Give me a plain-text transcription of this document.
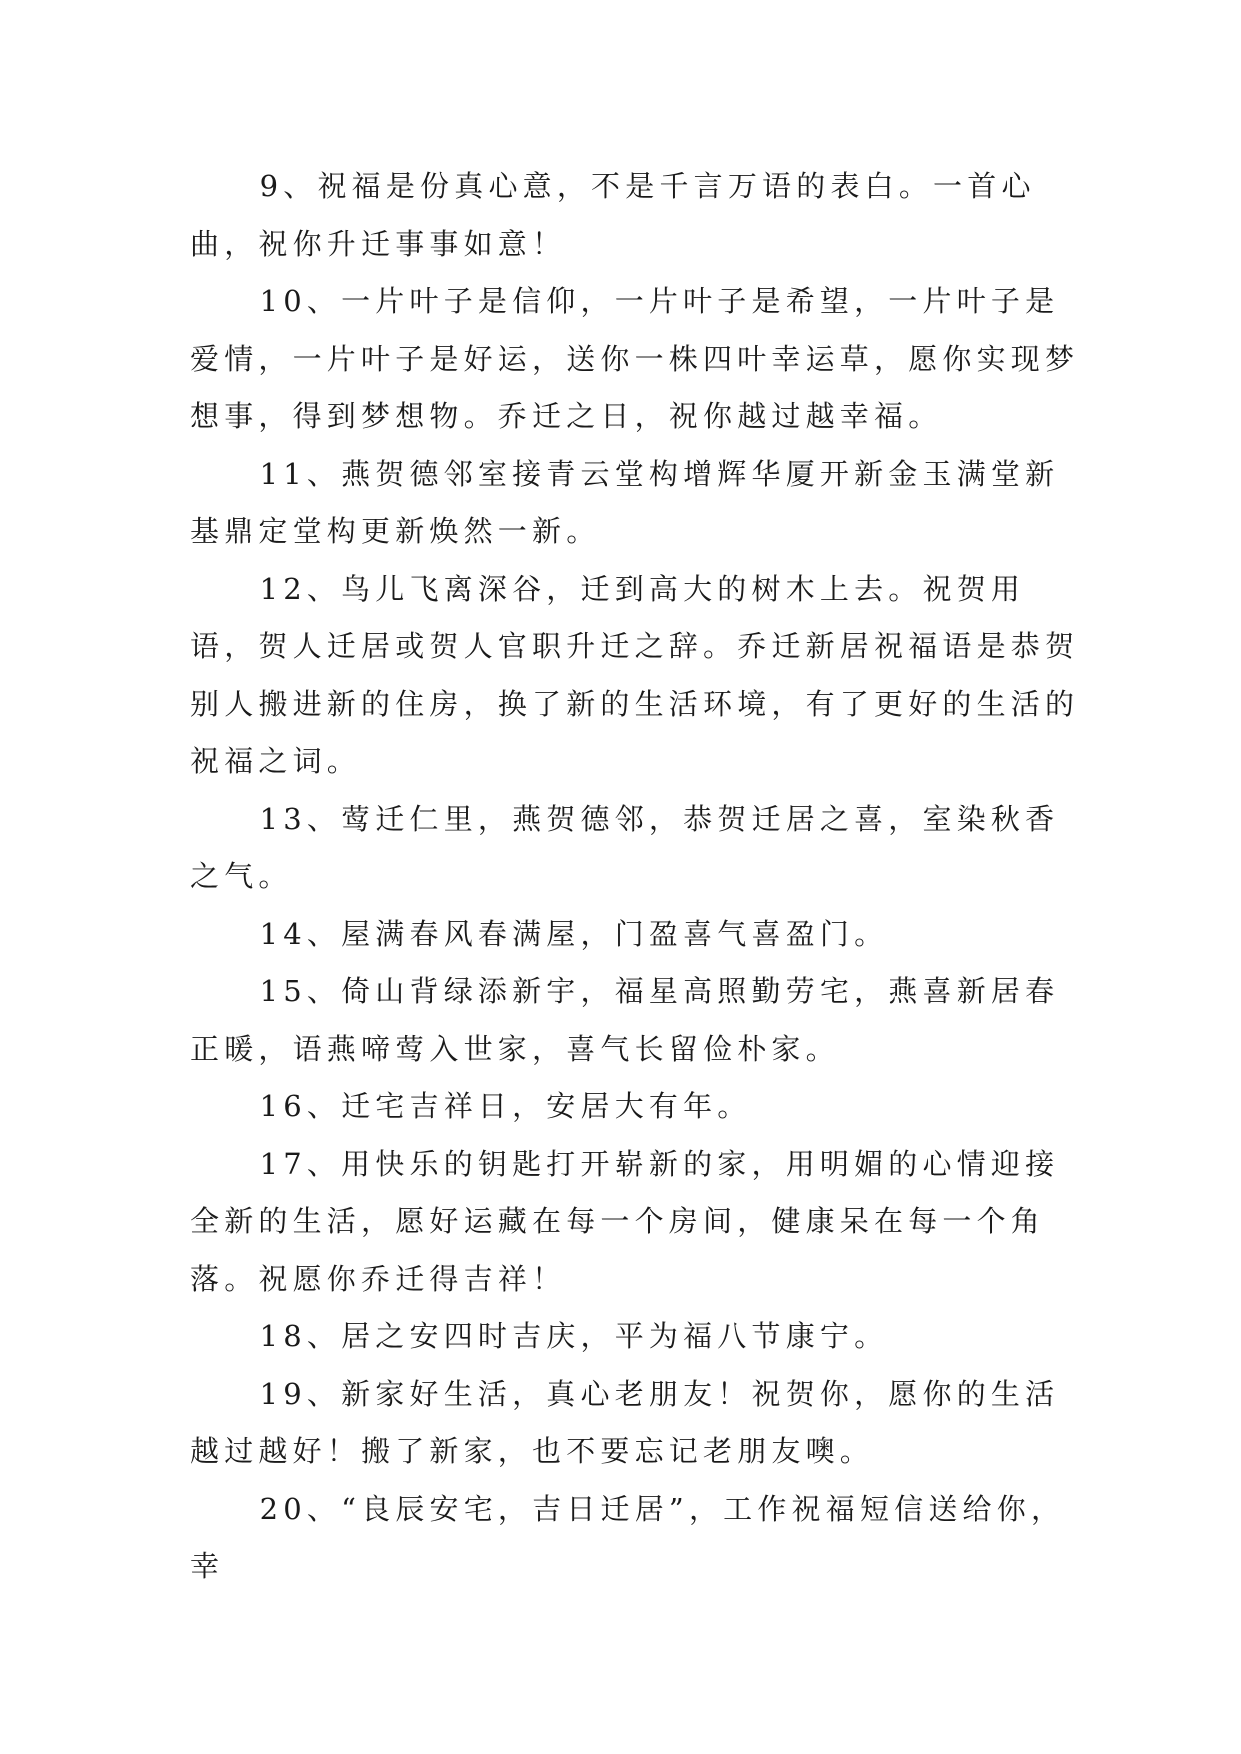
9、祝福是份真心意，不是千言万语的表白。一首心曲，祝你升迁事事如意！

10、一片叶子是信仰，一片叶子是希望，一片叶子是爱情，一片叶子是好运，送你一株四叶幸运草，愿你实现梦想事，得到梦想物。乔迁之日，祝你越过越幸福。

11、燕贺德邻室接青云堂构增辉华厦开新金玉满堂新基鼎定堂构更新焕然一新。

12、鸟儿飞离深谷，迁到高大的树木上去。祝贺用语，贺人迁居或贺人官职升迁之辞。乔迁新居祝福语是恭贺别人搬进新的住房，换了新的生活环境，有了更好的生活的祝福之词。

13、莺迁仁里，燕贺德邻，恭贺迁居之喜，室染秋香之气。

14、屋满春风春满屋，门盈喜气喜盈门。

15、倚山背绿添新宇，福星高照勤劳宅，燕喜新居春正暖，语燕啼莺入世家，喜气长留俭朴家。

16、迁宅吉祥日，安居大有年。

17、用快乐的钥匙打开崭新的家，用明媚的心情迎接全新的生活，愿好运藏在每一个房间，健康呆在每一个角落。祝愿你乔迁得吉祥！

18、居之安四时吉庆，平为福八节康宁。

19、新家好生活，真心老朋友！祝贺你，愿你的生活越过越好！搬了新家，也不要忘记老朋友噢。

20、“良辰安宅，吉日迁居”，工作祝福短信送给你，幸
